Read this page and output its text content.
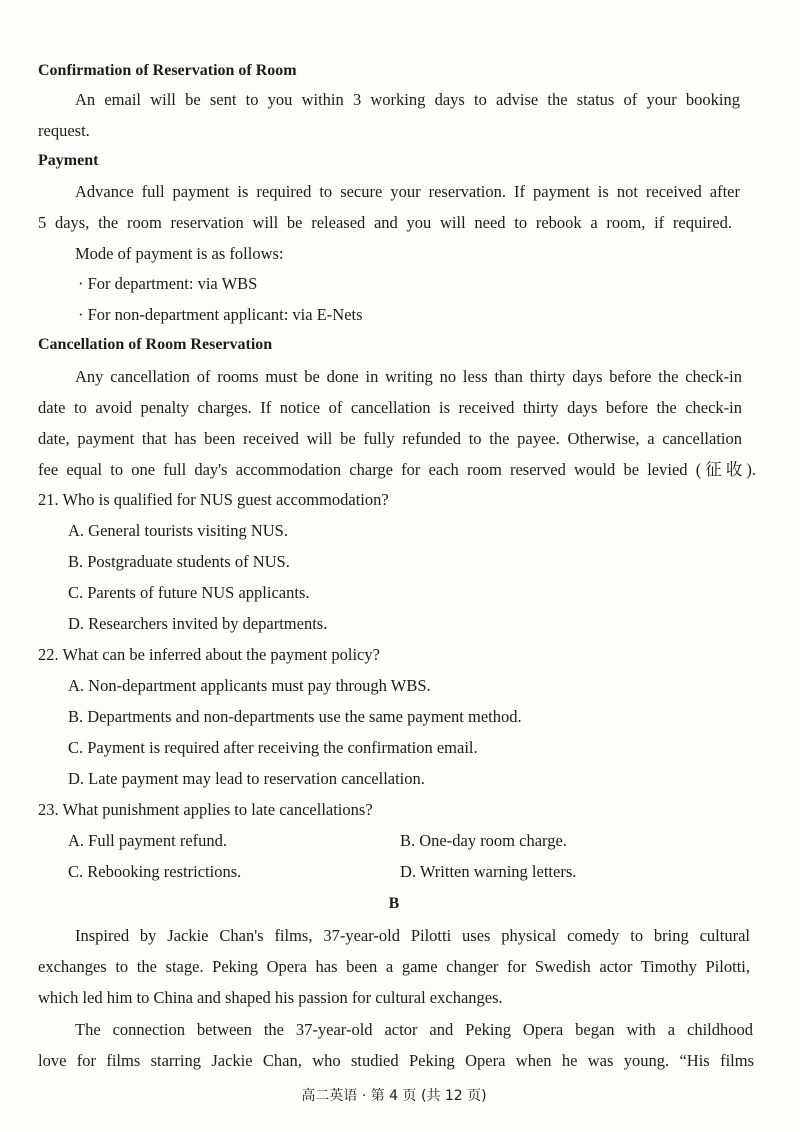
Confirmation of Reservation of Room
An email will be sent to you within 3 working days to advise the status of your booking
request.
Payment
Advance full payment is required to secure your reservation. If payment is not received after
5 days, the room reservation will be released and you will need to rebook a room, if required.
Mode of payment is as follows:
· For department: via WBS
· For non-department applicant: via E-Nets
Cancellation of Room Reservation
Any cancellation of rooms must be done in writing no less than thirty days before the check-in
date to avoid penalty charges. If notice of cancellation is received thirty days before the check-in
date, payment that has been received will be fully refunded to the payee. Otherwise, a cancellation
fee equal to one full day's accommodation charge for each room reserved would be levied (征收).
21. Who is qualified for NUS guest accommodation?
A. General tourists visiting NUS.
B. Postgraduate students of NUS.
C. Parents of future NUS applicants.
D. Researchers invited by departments.
22. What can be inferred about the payment policy?
A. Non-department applicants must pay through WBS.
B. Departments and non-departments use the same payment method.
C. Payment is required after receiving the confirmation email.
D. Late payment may lead to reservation cancellation.
23. What punishment applies to late cancellations?
A. Full payment refund.	B. One-day room charge.
C. Rebooking restrictions.	D. Written warning letters.
B
Inspired by Jackie Chan's films, 37-year-old Pilotti uses physical comedy to bring cultural
exchanges to the stage. Peking Opera has been a game changer for Swedish actor Timothy Pilotti,
which led him to China and shaped his passion for cultural exchanges.
The connection between the 37-year-old actor and Peking Opera began with a childhood
love for films starring Jackie Chan, who studied Peking Opera when he was young. “His films
高二英语 · 第 4 页 (共 12 页)
